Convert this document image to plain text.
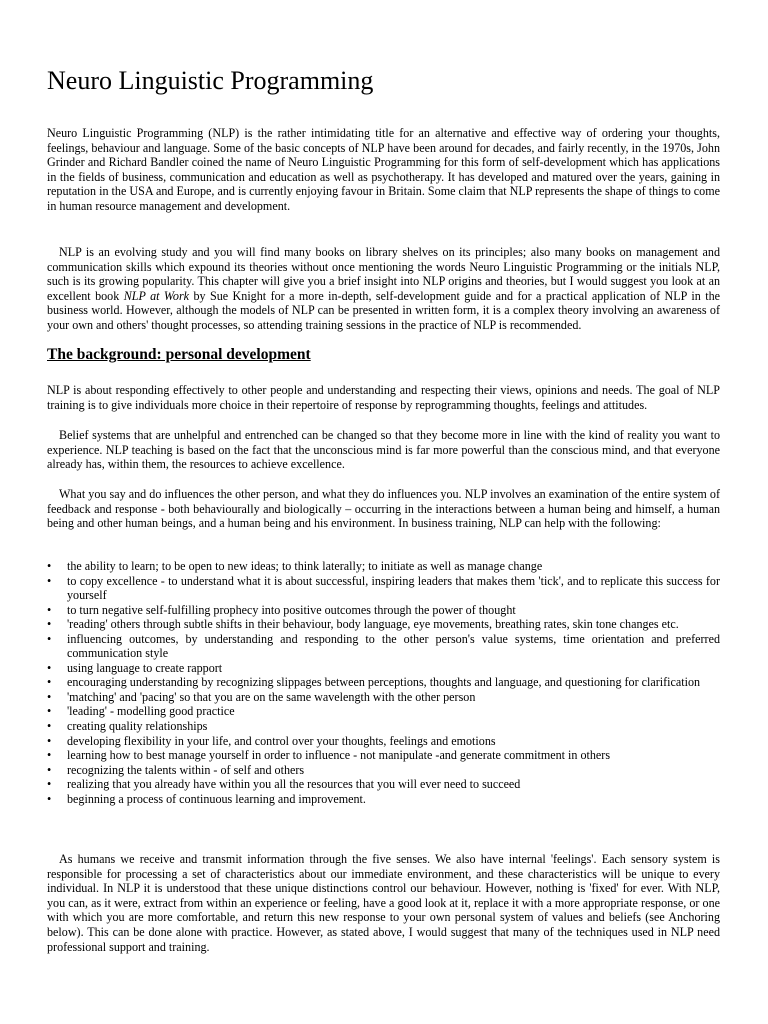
Neuro Linguistic Programming

Neuro Linguistic Programming (NLP) is the rather intimidating title for an alternative and effective way of ordering your thoughts, feelings, behaviour and language. Some of the basic concepts of NLP have been around for decades, and fairly recently, in the 1970s, John Grinder and Richard Bandler coined the name of Neuro Linguistic Programming for this form of self-development which has applications in the fields of business, communication and education as well as psychotherapy. It has developed and matured over the years, gaining in reputation in the USA and Europe, and is currently enjoying favour in Britain. Some claim that NLP represents the shape of things to come in human resource management and development.

NLP is an evolving study and you will find many books on library shelves on its principles; also many books on management and communication skills which expound its theories without once mentioning the words Neuro Linguistic Programming or the initials NLP, such is its growing popularity. This chapter will give you a brief insight into NLP origins and theories, but I would suggest you look at an excellent book NLP at Work by Sue Knight for a more in-depth, self-development guide and for a practical application of NLP in the business world. However, although the models of NLP can be presented in written form, it is a complex theory involving an awareness of your own and others' thought processes, so attending training sessions in the practice of NLP is recommended.

The background: personal development

NLP is about responding effectively to other people and understanding and respecting their views, opinions and needs. The goal of NLP training is to give individuals more choice in their repertoire of response by reprogramming thoughts, feelings and attitudes.

Belief systems that are unhelpful and entrenched can be changed so that they become more in line with the kind of reality you want to experience. NLP teaching is based on the fact that the unconscious mind is far more powerful than the conscious mind, and that everyone already has, within them, the resources to achieve excellence.

What you say and do influences the other person, and what they do influences you. NLP involves an examination of the entire system of feedback and response - both behaviourally and biologically – occurring in the interactions between a human being and himself, a human being and other human beings, and a human being and his environment. In business training, NLP can help with the following:

• the ability to learn; to be open to new ideas; to think laterally; to initiate as well as manage change
• to copy excellence - to understand what it is about successful, inspiring leaders that makes them 'tick', and to replicate this success for yourself
• to turn negative self-fulfilling prophecy into positive outcomes through the power of thought
• 'reading' others through subtle shifts in their behaviour, body language, eye movements, breathing rates, skin tone changes etc.
• influencing outcomes, by understanding and responding to the other person's value systems, time orientation and preferred communication style
• using language to create rapport
• encouraging understanding by recognizing slippages between perceptions, thoughts and language, and questioning for clarification
• 'matching' and 'pacing' so that you are on the same wavelength with the other person
• 'leading' - modelling good practice
• creating quality relationships
• developing flexibility in your life, and control over your thoughts, feelings and emotions
• learning how to best manage yourself in order to influence - not manipulate -and generate commitment in others
• recognizing the talents within - of self and others
• realizing that you already have within you all the resources that you will ever need to succeed
• beginning a process of continuous learning and improvement.

As humans we receive and transmit information through the five senses. We also have internal 'feelings'. Each sensory system is responsible for processing a set of characteristics about our immediate environment, and these characteristics will be unique to every individual. In NLP it is understood that these unique distinctions control our behaviour. However, nothing is 'fixed' for ever. With NLP, you can, as it were, extract from within an experience or feeling, have a good look at it, replace it with a more appropriate response, or one with which you are more comfortable, and return this new response to your own personal system of values and beliefs (see Anchoring below). This can be done alone with practice. However, as stated above, I would suggest that many of the techniques used in NLP need professional support and training.
